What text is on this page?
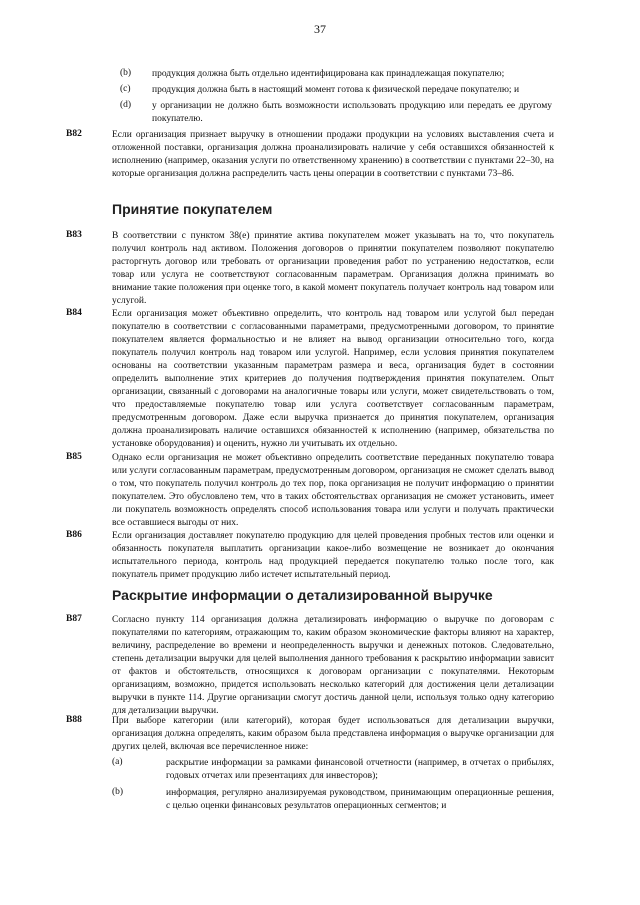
37
(b) продукция должна быть отдельно идентифицирована как принадлежащая покупателю;
(c) продукция должна быть в настоящий момент готова к физической передаче покупателю; и
(d) у организации не должно быть возможности использовать продукцию или передать ее другому покупателю.
B82	Если организация признает выручку в отношении продажи продукции на условиях выставления счета и отложенной поставки, организация должна проанализировать наличие у себя оставшихся обязанностей к исполнению (например, оказания услуги по ответственному хранению) в соответствии с пунктами 22–30, на которые организация должна распределить часть цены операции в соответствии с пунктами 73–86.
Принятие покупателем
B83	В соответствии с пунктом 38(e) принятие актива покупателем может указывать на то, что покупатель получил контроль над активом. Положения договоров о принятии покупателем позволяют покупателю расторгнуть договор или требовать от организации проведения работ по устранению недостатков, если товар или услуга не соответствуют согласованным параметрам. Организация должна принимать во внимание такие положения при оценке того, в какой момент покупатель получает контроль над товаром или услугой.
B84	Если организация может объективно определить, что контроль над товаром или услугой был передан покупателю в соответствии с согласованными параметрами, предусмотренными договором, то принятие покупателем является формальностью и не влияет на вывод организации относительно того, когда покупатель получил контроль над товаром или услугой. Например, если условия принятия покупателем основаны на соответствии указанным параметрам размера и веса, организация будет в состоянии определить выполнение этих критериев до получения подтверждения принятия покупателем. Опыт организации, связанный с договорами на аналогичные товары или услуги, может свидетельствовать о том, что предоставляемые покупателю товар или услуга соответствует согласованным параметрам, предусмотренным договором. Даже если выручка признается до принятия покупателем, организация должна проанализировать наличие оставшихся обязанностей к исполнению (например, обязательства по установке оборудования) и оценить, нужно ли учитывать их отдельно.
B85	Однако если организация не может объективно определить соответствие переданных покупателю товара или услуги согласованным параметрам, предусмотренным договором, организация не сможет сделать вывод о том, что покупатель получил контроль до тех пор, пока организация не получит информацию о принятии покупателем. Это обусловлено тем, что в таких обстоятельствах организация не сможет установить, имеет ли покупатель возможность определять способ использования товара или услуги и получать практически все оставшиеся выгоды от них.
B86	Если организация доставляет покупателю продукцию для целей проведения пробных тестов или оценки и обязанность покупателя выплатить организации какое-либо возмещение не возникает до окончания испытательного периода, контроль над продукцией передается покупателю только после того, как покупатель примет продукцию либо истечет испытательный период.
Раскрытие информации о детализированной выручке
B87	Согласно пункту 114 организация должна детализировать информацию о выручке по договорам с покупателями по категориям, отражающим то, каким образом экономические факторы влияют на характер, величину, распределение во времени и неопределенность выручки и денежных потоков. Следовательно, степень детализации выручки для целей выполнения данного требования к раскрытию информации зависит от фактов и обстоятельств, относящихся к договорам организации с покупателями. Некоторым организациям, возможно, придется использовать несколько категорий для достижения цели детализации выручки в пункте 114. Другие организации смогут достичь данной цели, используя только одну категорию для детализации выручки.
B88	При выборе категории (или категорий), которая будет использоваться для детализации выручки, организация должна определять, каким образом была представлена информация о выручке организации для других целей, включая все перечисленное ниже:
(a)	раскрытие информации за рамками финансовой отчетности (например, в отчетах о прибылях, годовых отчетах или презентациях для инвесторов);
(b)	информация, регулярно анализируемая руководством, принимающим операционные решения, с целью оценки финансовых результатов операционных сегментов; и
